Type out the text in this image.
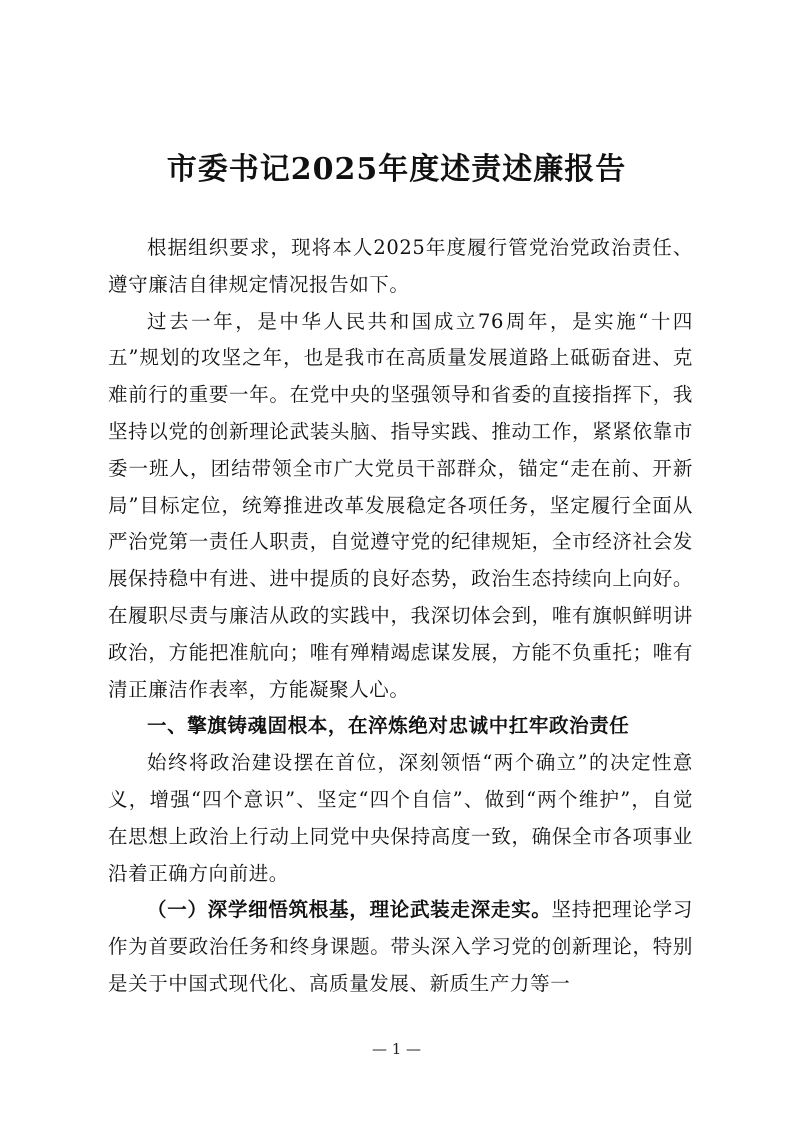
市委书记2025年度述责述廉报告

根据组织要求，现将本人2025年度履行管党治党政治责任、遵守廉洁自律规定情况报告如下。

过去一年，是中华人民共和国成立76周年，是实施“十四五”规划的攻坚之年，也是我市在高质量发展道路上砥砺奋进、克难前行的重要一年。在党中央的坚强领导和省委的直接指挥下，我坚持以党的创新理论武装头脑、指导实践、推动工作，紧紧依靠市委一班人，团结带领全市广大党员干部群众，锚定“走在前、开新局”目标定位，统筹推进改革发展稳定各项任务，坚定履行全面从严治党第一责任人职责，自觉遵守党的纪律规矩，全市经济社会发展保持稳中有进、进中提质的良好态势，政治生态持续向上向好。在履职尽责与廉洁从政的实践中，我深切体会到，唯有旗帜鲜明讲政治，方能把准航向；唯有殚精竭虑谋发展，方能不负重托；唯有清正廉洁作表率，方能凝聚人心。

一、擎旗铸魂固根本，在淬炼绝对忠诚中扛牢政治责任

始终将政治建设摆在首位，深刻领悟“两个确立”的决定性意义，增强“四个意识”、坚定“四个自信”、做到“两个维护”，自觉在思想上政治上行动上同党中央保持高度一致，确保全市各项事业沿着正确方向前进。

（一）深学细悟筑根基，理论武装走深走实。坚持把理论学习作为首要政治任务和终身课题。带头深入学习党的创新理论，特别是关于中国式现代化、高质量发展、新质生产力等一

— 1 —
